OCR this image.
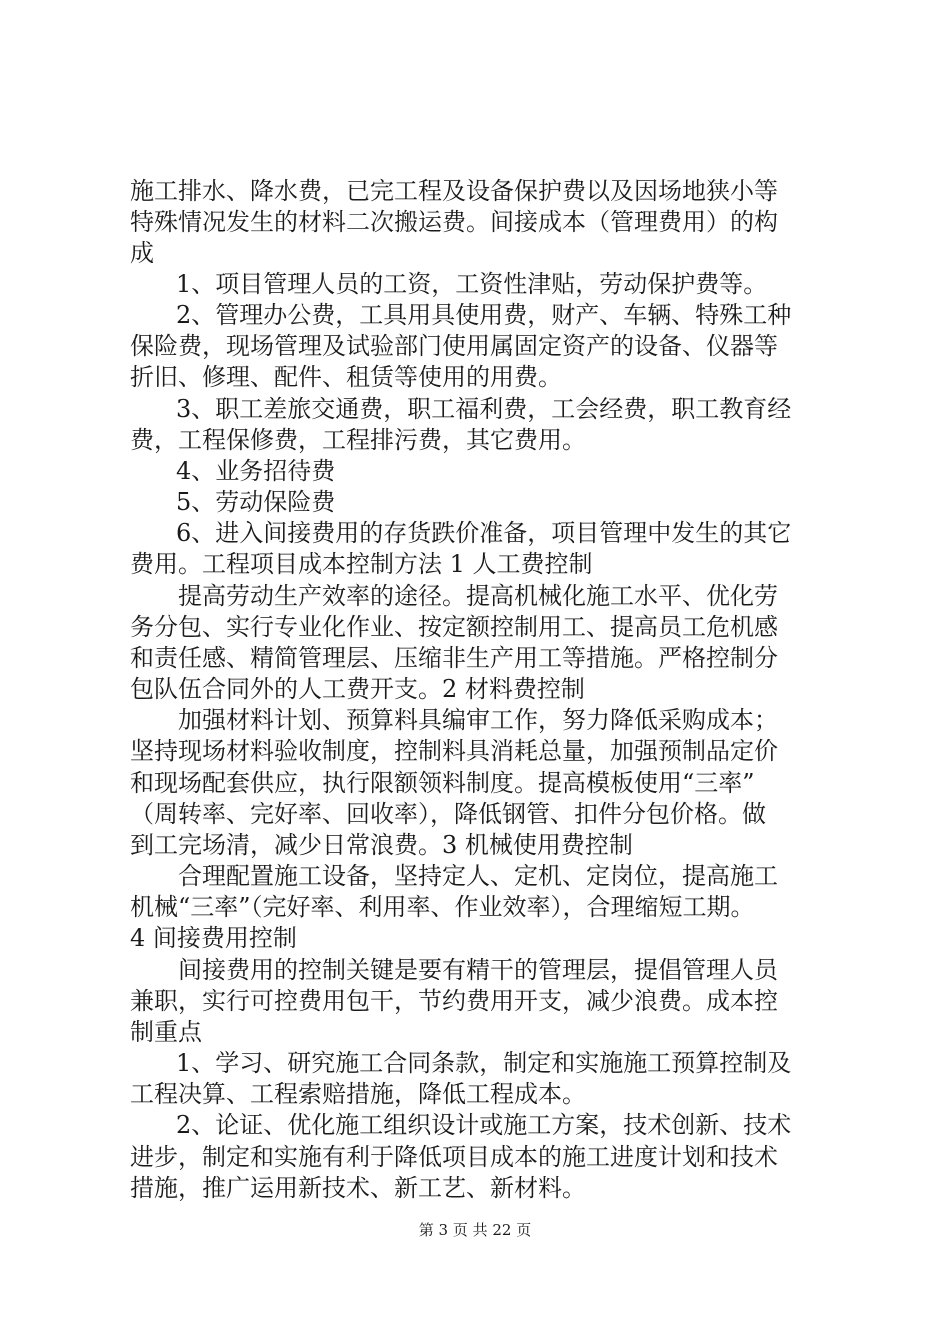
施工排水、降水费，已完工程及设备保护费以及因场地狭小等
特殊情况发生的材料二次搬运费。间接成本（管理费用）的构
成
1、项目管理人员的工资，工资性津贴，劳动保护费等。
2、管理办公费，工具用具使用费，财产、车辆、特殊工种
保险费，现场管理及试验部门使用属固定资产的设备、仪器等
折旧、修理、配件、租赁等使用的用费。
3、职工差旅交通费，职工福利费，工会经费，职工教育经
费，工程保修费，工程排污费，其它费用。
4、业务招待费
5、劳动保险费
6、进入间接费用的存货跌价准备，项目管理中发生的其它
费用。工程项目成本控制方法 1 人工费控制
提高劳动生产效率的途径。提高机械化施工水平、优化劳
务分包、实行专业化作业、按定额控制用工、提高员工危机感
和责任感、精简管理层、压缩非生产用工等措施。严格控制分
包队伍合同外的人工费开支。2 材料费控制
加强材料计划、预算料具编审工作，努力降低采购成本；
坚持现场材料验收制度，控制料具消耗总量，加强预制品定价
和现场配套供应，执行限额领料制度。提高模板使用“三率”
（周转率、完好率、回收率），降低钢管、扣件分包价格。做
到工完场清，减少日常浪费。3 机械使用费控制
合理配置施工设备，坚持定人、定机、定岗位，提高施工
机械“三率”（完好率、利用率、作业效率），合理缩短工期。
4 间接费用控制
间接费用的控制关键是要有精干的管理层，提倡管理人员
兼职，实行可控费用包干，节约费用开支，减少浪费。成本控
制重点
1、学习、研究施工合同条款，制定和实施施工预算控制及
工程决算、工程索赔措施，降低工程成本。
2、论证、优化施工组织设计或施工方案，技术创新、技术
进步，制定和实施有利于降低项目成本的施工进度计划和技术
措施，推广运用新技术、新工艺、新材料。
第 3 页 共 22 页
